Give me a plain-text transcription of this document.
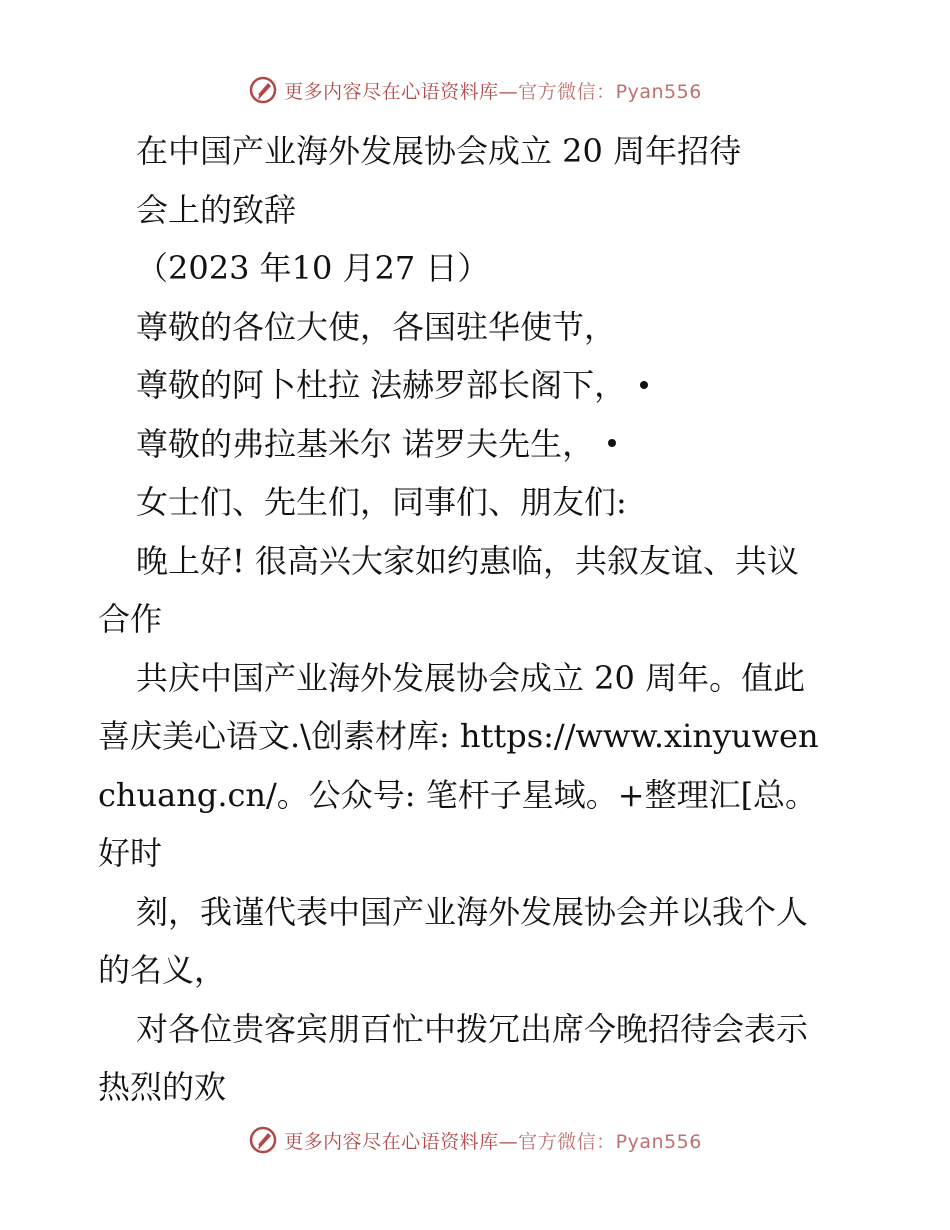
更多内容尽在心语资料库—官方微信：Pyan556
在中国产业海外发展协会成立 20 周年招待
会上的致辞
（2023 年10 月27 日）
尊敬的各位大使，各国驻华使节，
尊敬的阿卜杜拉 法赫罗部长阁下，
尊敬的弗拉基米尔 诺罗夫先生，
女士们、先生们，同事们、朋友们:
晚上好! 很高兴大家如约惠临，共叙友谊、共议
合作
共庆中国产业海外发展协会成立 20 周年。值此
喜庆美心语文.\创素材库: https://www.xinyuwen
chuang.cn/。公众号: 笔杆子星域。+整理汇[总。
好时
刻，我谨代表中国产业海外发展协会并以我个人
的名义，
对各位贵客宾朋百忙中拨冗出席今晚招待会表示
热烈的欢
更多内容尽在心语资料库—官方微信：Pyan556
